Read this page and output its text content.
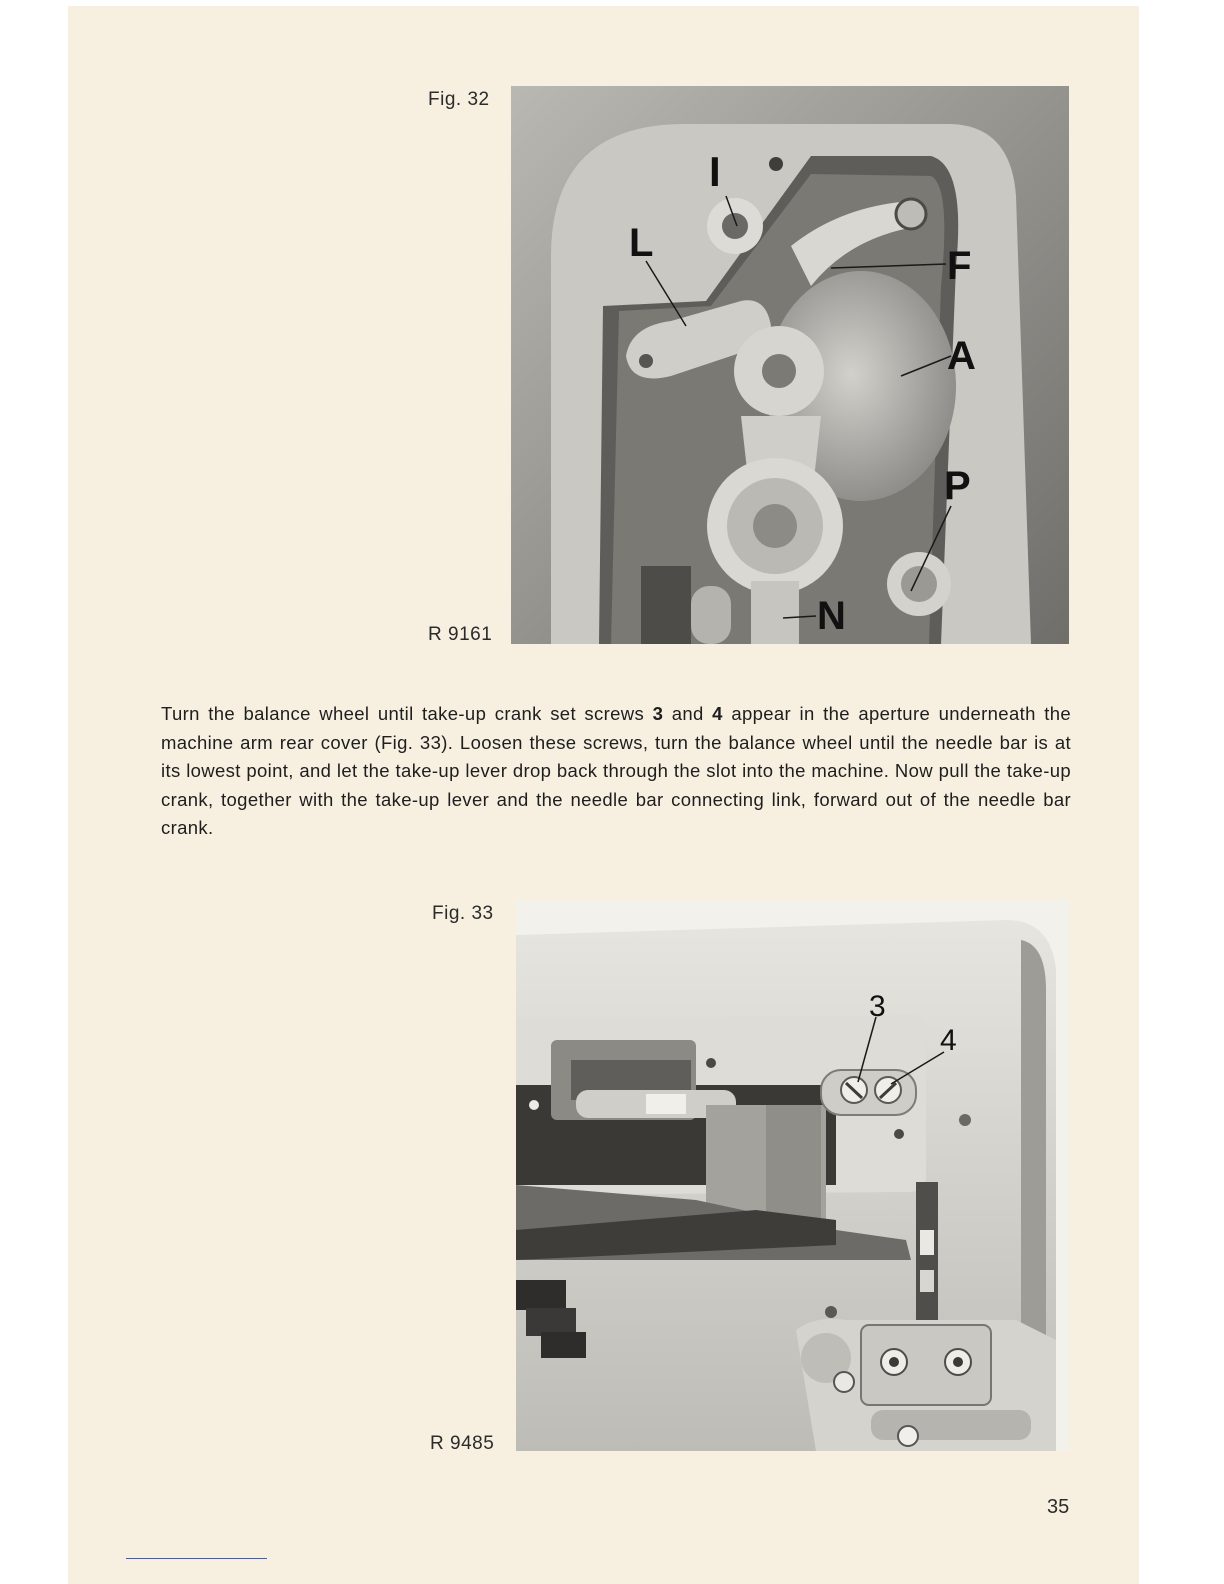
Fig. 32
R 9161
I
L
F
A
P
N
Turn the balance wheel until take-up crank set screws 3 and 4 appear in the aperture underneath the machine arm rear cover (Fig. 33). Loosen these screws, turn the balance wheel until the needle bar is at its lowest point, and let the take-up lever drop back through the slot into the machine. Now pull the take-up crank, together with the take-up lever and the needle bar connecting link, forward out of the needle bar crank.
Fig. 33
R 9485
3
4
35
